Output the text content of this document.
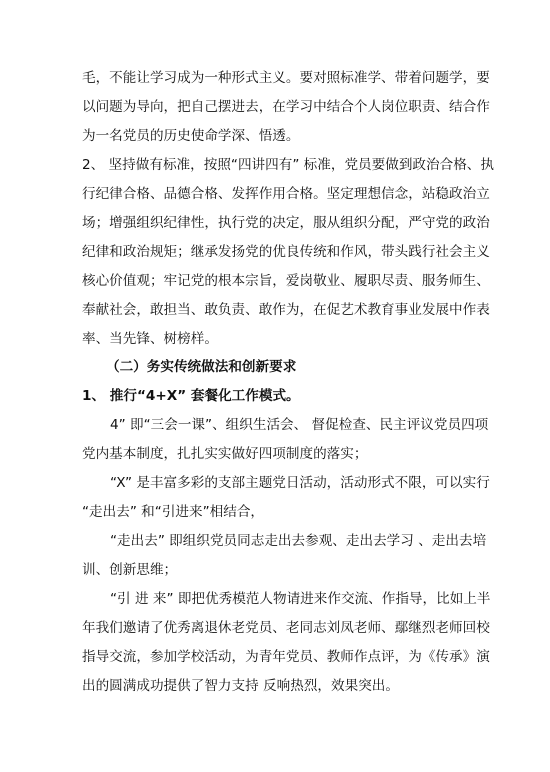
毛，不能让学习成为一种形式主义。要对照标准学、带着问题学，要
以问题为导向，把自己摆进去，在学习中结合个人岗位职责、结合作
为一名党员的历史使命学深、悟透。
2、 坚持做有标准，按照“四讲四有” 标准，党员要做到政治合格、执
行纪律合格、品德合格、发挥作用合格。坚定理想信念，站稳政治立
场；增强组织纪律性，执行党的决定，服从组织分配，严守党的政治
纪律和政治规矩；继承发扬党的优良传统和作风，带头践行社会主义
核心价值观；牢记党的根本宗旨，爱岗敬业、履职尽责、服务师生、
奉献社会，敢担当、敢负责、敢作为，在促艺术教育事业发展中作表
率、当先锋、树榜样。
（二）务实传统做法和创新要求
1、 推行“4+X” 套餐化工作模式。
4” 即“三会一课”、组织生活会、 督促检查、民主评议党员四项
党内基本制度，扎扎实实做好四项制度的落实；
“X” 是丰富多彩的支部主题党日活动，活动形式不限，可以实行
“走出去” 和“引进来”相结合，
“走出去” 即组织党员同志走出去参观、走出去学习 、走出去培
训、创新思维；
“引 进 来” 即把优秀模范人物请进来作交流、作指导，比如上半
年我们邀请了优秀离退休老党员、老同志刘凤老师、鄢继烈老师回校
指导交流，参加学校活动，为青年党员、教师作点评，为《传承》演
出的圆满成功提供了智力支持 反响热烈，效果突出。
